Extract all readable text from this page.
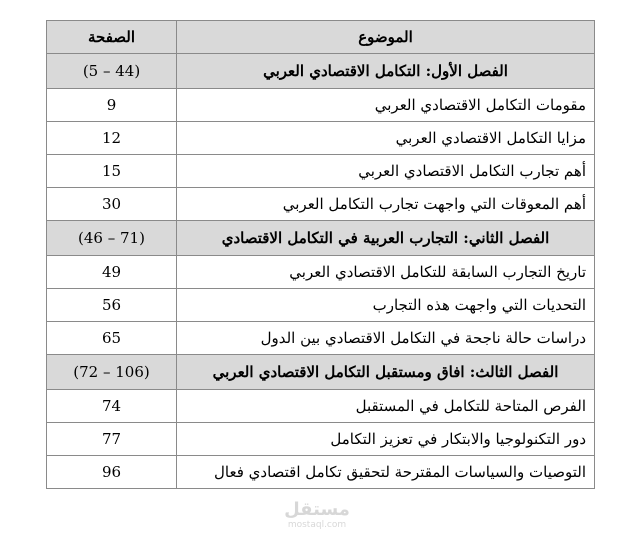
الموضوع	الصفحة
الفصل الأول: التكامل الاقتصادي العربي	(5 – 44)
مقومات التكامل الاقتصادي العربي	9
مزايا التكامل الاقتصادي العربي	12
أهم تجارب التكامل الاقتصادي العربي	15
أهم المعوقات التي واجهت تجارب التكامل العربي	30
الفصل الثاني: التجارب العربية في التكامل الاقتصادي	(46 – 71)
تاريخ التجارب السابقة للتكامل الاقتصادي العربي	49
التحديات التي واجهت هذه التجارب	56
دراسات حالة ناجحة في التكامل الاقتصادي بين الدول	65
الفصل الثالث: افاق ومستقبل التكامل الاقتصادي العربي	(72 – 106)
الفرص المتاحة للتكامل في المستقبل	74
دور التكنولوجيا والابتكار في تعزيز التكامل	77
التوصيات والسياسات المقترحة لتحقيق تكامل اقتصادي فعال	96
مستقل
mostaql.com
